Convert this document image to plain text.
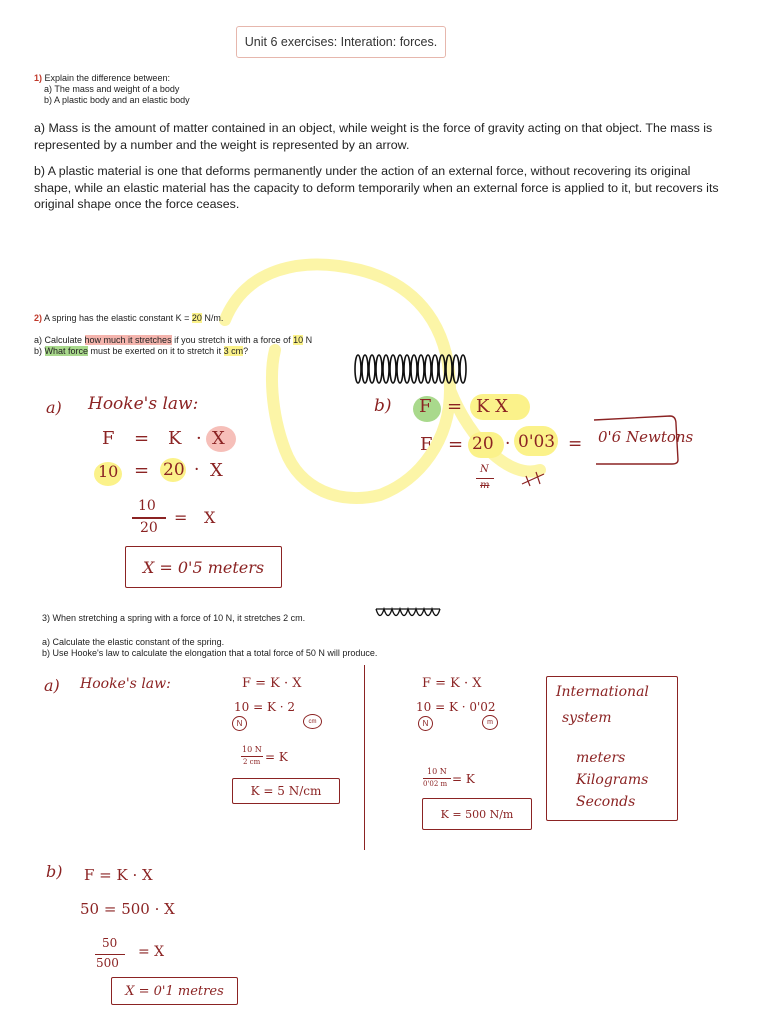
Unit 6 exercises: Interation: forces.
1) Explain the difference between:
a) The mass and weight of a body
b) A plastic body and an elastic body
a) Mass is the amount of matter contained in an object, while weight is the force of gravity acting on that object. The mass is represented by a number and the weight is represented by an arrow.
b) A plastic material is one that deforms permanently under the action of an external force, without recovering its original shape, while an elastic material has the capacity to deform temporarily when an external force is applied to it, but recovers its original shape once the force ceases.
2) A spring has the elastic constant K = 20 N/m.
a) Calculate how much it stretches if you stretch it with a force of 10 N
b) What force must be exerted on it to stretch it 3 cm?
a) Hooke's law:
F = K · X
10 = 20 · X
10
20
= X
X = 0'5 meters
b) F = K X
F = 20 · 0'03 = 0'6 Newtons
N
m
3) When stretching a spring with a force of 10 N, it stretches 2 cm.
a) Calculate the elastic constant of the spring.
b) Use Hooke's law to calculate the elongation that a total force of 50 N will produce.
a) Hooke's law:	F = K · X
10 = K · 2
N	cm
10 N
2 cm = K
K = 5 N/cm
F = K · X
10 = K · 0'02
N	m
10 N
0'02 m = K
K = 500 N/m
International
system
meters
Kilograms
Seconds
b) F = K · X
50 = 500 · X
50
500
= X
X = 0'1 metres
